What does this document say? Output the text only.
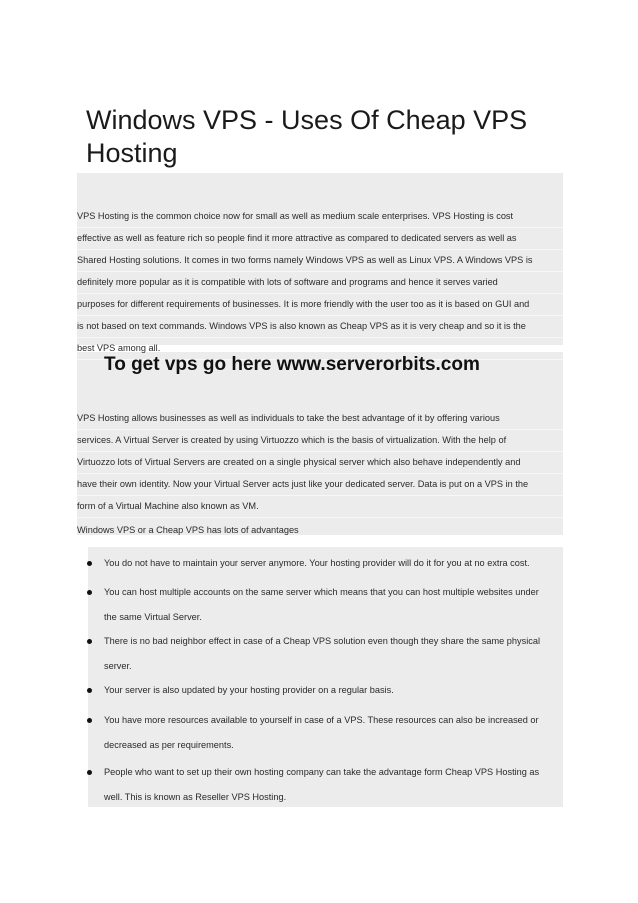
Windows VPS - Uses Of Cheap VPS
Hosting
VPS Hosting is the common choice now for small as well as medium scale enterprises. VPS Hosting is cost
effective as well as feature rich so people find it more attractive as compared to dedicated servers as well as
Shared Hosting solutions. It comes in two forms namely Windows VPS as well as Linux VPS. A Windows VPS is
definitely more popular as it is compatible with lots of software and programs and hence it serves varied
purposes for different requirements of businesses. It is more friendly with the user too as it is based on GUI and
is not based on text commands. Windows VPS is also known as Cheap VPS as it is very cheap and so it is the
best VPS among all.
To get vps go here www.serverorbits.com
VPS Hosting allows businesses as well as individuals to take the best advantage of it by offering various
services. A Virtual Server is created by using Virtuozzo which is the basis of virtualization. With the help of
Virtuozzo lots of Virtual Servers are created on a single physical server which also behave independently and
have their own identity. Now your Virtual Server acts just like your dedicated server. Data is put on a VPS in the
form of a Virtual Machine also known as VM.

Windows VPS or a Cheap VPS has lots of advantages

You do not have to maintain your server anymore. Your hosting provider will do it for you at no extra cost.
You can host multiple accounts on the same server which means that you can host multiple websites under
the same Virtual Server.
There is no bad neighbor effect in case of a Cheap VPS solution even though they share the same physical
server.
Your server is also updated by your hosting provider on a regular basis.
You have more resources available to yourself in case of a VPS. These resources can also be increased or
decreased as per requirements.
People who want to set up their own hosting company can take the advantage form Cheap VPS Hosting as
well. This is known as Reseller VPS Hosting.
